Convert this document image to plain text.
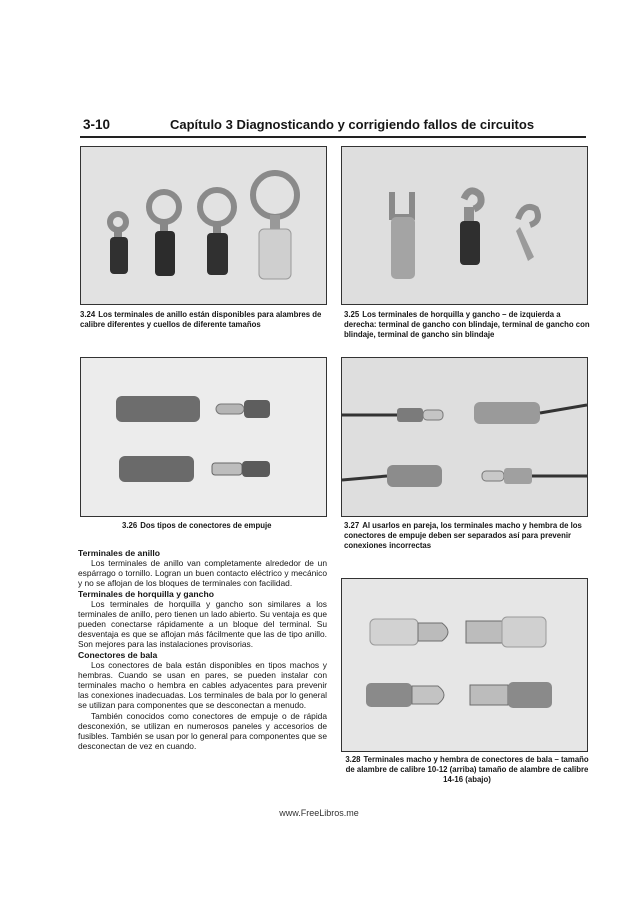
3-10	Capítulo 3 Diagnosticando y corrigiendo fallos de circuitos
3.24 Los terminales de anillo están disponibles para alambres de calibre diferentes y cuellos de diferente tamaños
3.25 Los terminales de horquilla y gancho – de izquierda a derecha: terminal de gancho con blindaje, terminal de gancho con blindaje, terminal de gancho sin blindaje
3.26 Dos tipos de conectores de empuje	3.27 Al usarlos en pareja, los terminales macho y hembra de los conectores de empuje deben ser separados así para prevenir conexiones incorrectas
Terminales de anillo

Los terminales de anillo van completamente alrededor de un espárrago o tornillo. Logran un buen contacto eléctrico y mecánico y no se aflojan de los bloques de terminales con facilidad.

Terminales de horquilla y gancho

Los terminales de horquilla y gancho son similares a los terminales de anillo, pero tienen un lado abierto. Su ventaja es que pueden conectarse rápidamente a un bloque del terminal. Su desventaja es que se aflojan más fácilmente que las de tipo anillo. Son mejores para las instalaciones provisorias.

Conectores de bala

Los conectores de bala están disponibles en tipos machos y hembras. Cuando se usan en pares, se pueden instalar con terminales macho o hembra en cables adyacentes para prevenir las conexiones inadecuadas. Los terminales de bala por lo general se utilizan para componentes que se desconectan a menudo.

También conocidos como conectores de empuje o de rápida desconexión, se utilizan en numerosos paneles y accesorios de fusibles. También se usan por lo general para componentes que se desconectan de vez en cuando.

3.28 Terminales macho y hembra de conectores de bala – tamaño de alambre de calibre 10-12 (arriba) tamaño de alambre de calibre 14-16 (abajo)
www.FreeLibros.me
